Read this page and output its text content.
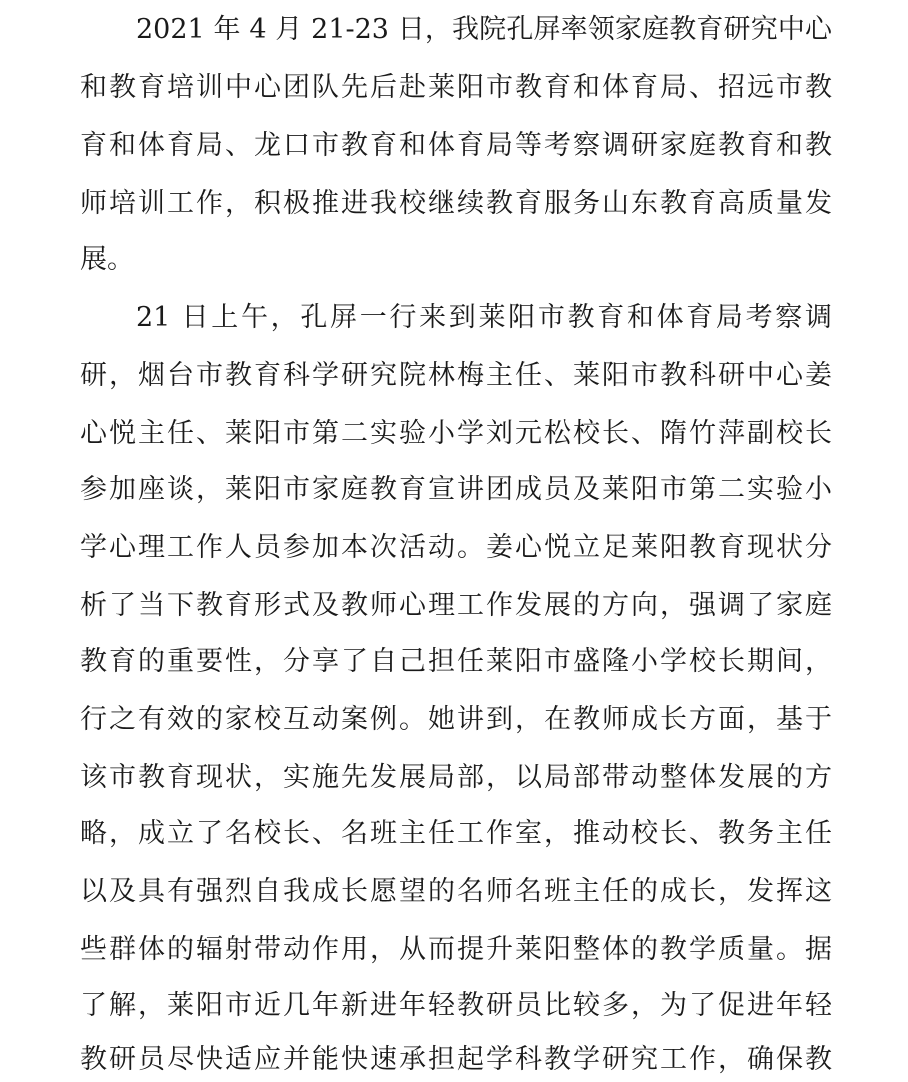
2021 年 4 月 21-23 日，我院孔屏率领家庭教育研究中心
和教育培训中心团队先后赴莱阳市教育和体育局、招远市教
育和体育局、龙口市教育和体育局等考察调研家庭教育和教
师培训工作，积极推进我校继续教育服务山东教育高质量发
展。
21 日上午，孔屏一行来到莱阳市教育和体育局考察调
研，烟台市教育科学研究院林梅主任、莱阳市教科研中心姜
心悦主任、莱阳市第二实验小学刘元松校长、隋竹萍副校长
参加座谈，莱阳市家庭教育宣讲团成员及莱阳市第二实验小
学心理工作人员参加本次活动。姜心悦立足莱阳教育现状分
析了当下教育形式及教师心理工作发展的方向，强调了家庭
教育的重要性，分享了自己担任莱阳市盛隆小学校长期间，
行之有效的家校互动案例。她讲到，在教师成长方面，基于
该市教育现状，实施先发展局部，以局部带动整体发展的方
略，成立了名校长、名班主任工作室，推动校长、教务主任
以及具有强烈自我成长愿望的名师名班主任的成长，发挥这
些群体的辐射带动作用，从而提升莱阳整体的教学质量。据
了解，莱阳市近几年新进年轻教研员比较多，为了促进年轻
教研员尽快适应并能快速承担起学科教学研究工作，确保教
